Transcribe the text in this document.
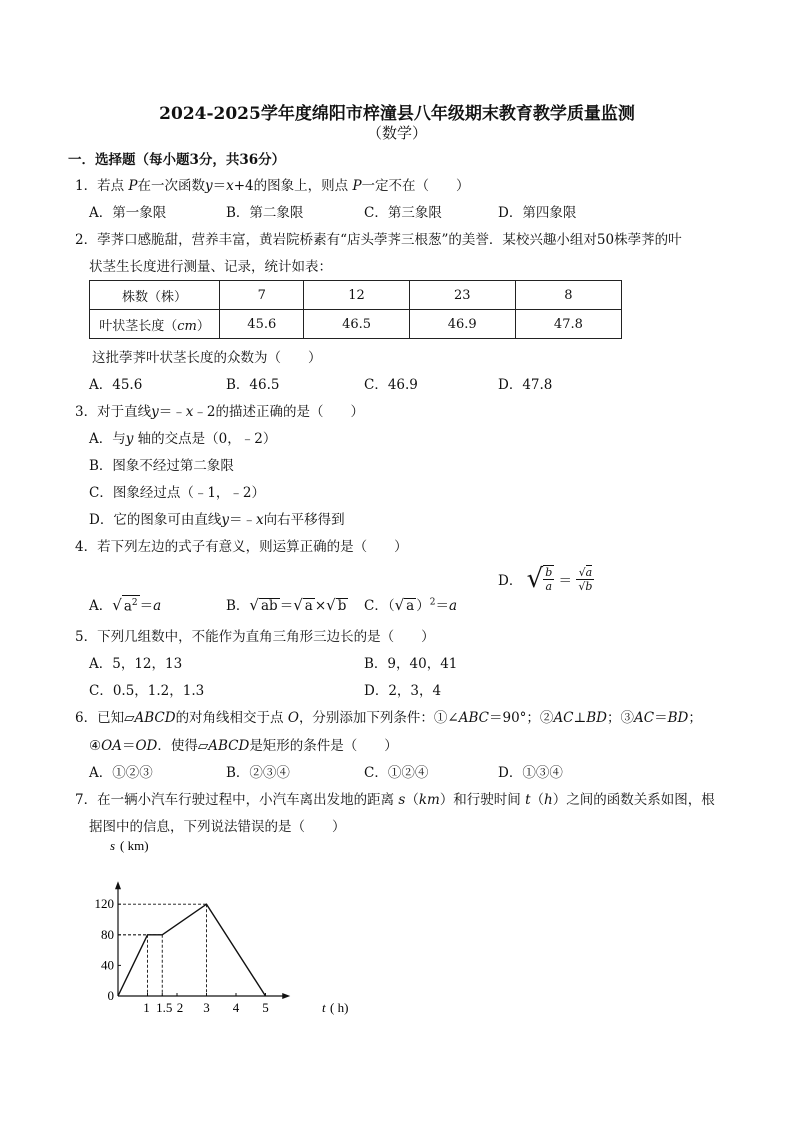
2024-2025学年度绵阳市梓潼县八年级期末教育教学质量监测
（数学）
一．选择题（每小题3分，共36分）
1．若点 P在一次函数y＝x+4的图象上，则点 P一定不在（　　）
A．第一象限	B．第二象限	C．第三象限	D．第四象限
2．荸荠口感脆甜，营养丰富，黄岩院桥素有“店头荸荠三根葱”的美誉．某校兴趣小组对50株荸荠的叶
状茎生长度进行测量、记录，统计如表：
株数（株）	7	12	23	8
叶状茎长度（cm）	45.6	46.5	46.9	47.8
这批荸荠叶状茎长度的众数为（　　）
A．45.6	B．46.5	C．46.9	D．47.8
3．对于直线y＝﹣x﹣2的描述正确的是（　　）
A．与y 轴的交点是（0，﹣2）
B．图象不经过第二象限
C．图象经过点（﹣1，﹣2）
D．它的图象可由直线y＝﹣x向右平移得到
4．若下列左边的式子有意义，则运算正确的是（　　）
A．√ $a^2 =a$	B．√ ab ＝√ a ×√ b C．（√ a ）$^2$＝a
D． √ $\frac{b}{a} = \frac{√a}{√b}$
5．下列几组数中，不能作为直角三角形三边长的是（　　）
A．5，12，13	B．9，40，41
C．0.5，1.2，1.3	D．2，3，4
6．已知▱ABCD的对角线相交于点 O，分别添加下列条件：①∠ABC＝90°；②AC⊥BD；③AC＝BD；
④OA＝OD．使得▱ABCD是矩形的条件是（　　）
A．①②③	B．②③④	C．①②④	D．①③④
7．在一辆小汽车行驶过程中，小汽车离出发地的距离 s（km）和行驶时间 t（h）之间的函数关系如图，根
据图中的信息，下列说法错误的是（　　）
0
40
80
120
1 1.5 2 3 4 5
s ( km)
t ( h)
